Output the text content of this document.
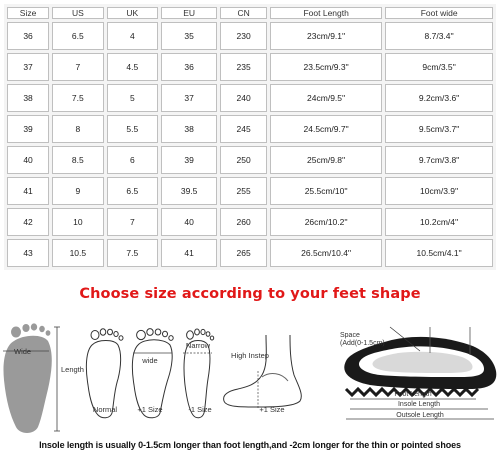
Size	US	UK	EU	CN	Foot Length	Foot wide
36	6.5	4	35	230	23cm/9.1''	8.7/3.4''
37	7	4.5	36	235	23.5cm/9.3''	9cm/3.5''
38	7.5	5	37	240	24cm/9.5''	9.2cm/3.6''
39	8	5.5	38	245	24.5cm/9.7''	9.5cm/3.7''
40	8.5	6	39	250	25cm/9.8''	9.7cm/3.8''
41	9	6.5	39.5	255	25.5cm/10''	10cm/3.9''
42	10	7	40	260	26cm/10.2''	10.2cm/4''
43	10.5	7.5	41	265	26.5cm/10.4''	10.5cm/4.1''
Choose size according to your feet shape
Wide
Length
Normal
wide
+1 Size
Narrow
-1 Size
High Instep
+1 Size
Space
(Add(0-1.5cm)
Foot Length
Insole Length
Outsole Length
Insole length is usually 0-1.5cm longer than foot length,and -2cm longer for the thin or pointed shoes
